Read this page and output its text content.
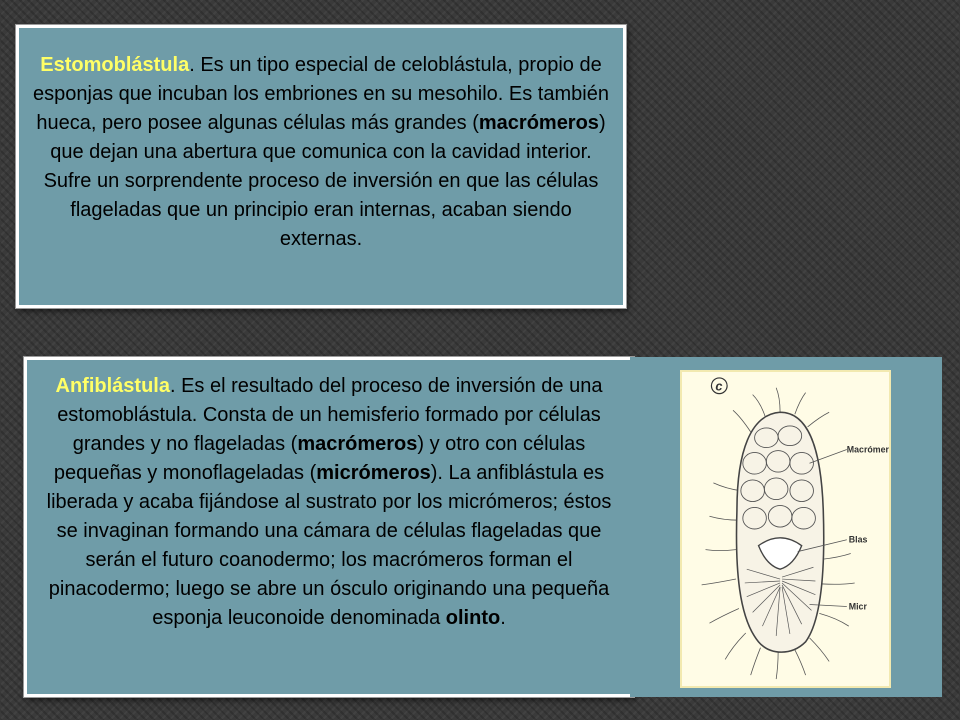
Estomoblástula. Es un tipo especial de celoblástula, propio de esponjas que incuban los embriones en su mesohilo. Es también hueca, pero posee algunas células más grandes (macrómeros) que dejan una abertura que comunica con la cavidad interior. Sufre un sorprendente proceso de inversión en que las células flageladas que un principio eran internas, acaban siendo externas.

Anfiblástula. Es el resultado del proceso de inversión de una estomoblástula. Consta de un hemisferio formado por células grandes y no flageladas (macrómeros) y otro con células pequeñas y monoflageladas (micrómeros). La anfiblástula es liberada y acaba fijándose al sustrato por los micrómeros; éstos se invaginan formando una cámara de células flageladas que serán el futuro coanodermo; los macrómeros forman el pinacodermo; luego se abre un ósculo originando una pequeña esponja leuconoide denominada olinto.

c
Macrómer
Blas
Micr
